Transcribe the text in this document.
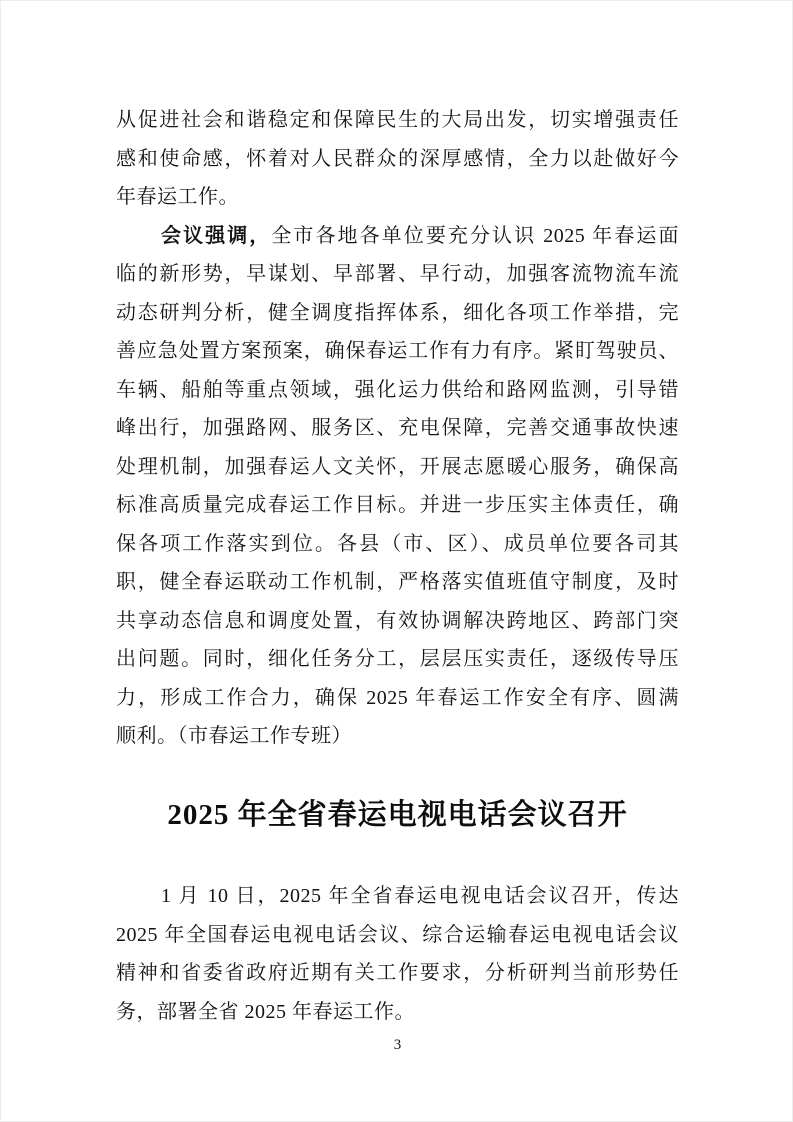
从促进社会和谐稳定和保障民生的大局出发，切实增强责任
感和使命感，怀着对人民群众的深厚感情，全力以赴做好今
年春运工作。
会议强调，全市各地各单位要充分认识 2025 年春运面
临的新形势，早谋划、早部署、早行动，加强客流物流车流
动态研判分析，健全调度指挥体系，细化各项工作举措，完
善应急处置方案预案，确保春运工作有力有序。紧盯驾驶员、
车辆、船舶等重点领域，强化运力供给和路网监测，引导错
峰出行，加强路网、服务区、充电保障，完善交通事故快速
处理机制，加强春运人文关怀，开展志愿暖心服务，确保高
标准高质量完成春运工作目标。并进一步压实主体责任，确
保各项工作落实到位。各县（市、区）、成员单位要各司其
职，健全春运联动工作机制，严格落实值班值守制度，及时
共享动态信息和调度处置，有效协调解决跨地区、跨部门突
出问题。同时，细化任务分工，层层压实责任，逐级传导压
力，形成工作合力，确保 2025 年春运工作安全有序、圆满
顺利。（市春运工作专班）
2025 年全省春运电视电话会议召开
1 月 10 日，2025 年全省春运电视电话会议召开，传达
2025 年全国春运电视电话会议、综合运输春运电视电话会议
精神和省委省政府近期有关工作要求，分析研判当前形势任
务，部署全省 2025 年春运工作。
3
